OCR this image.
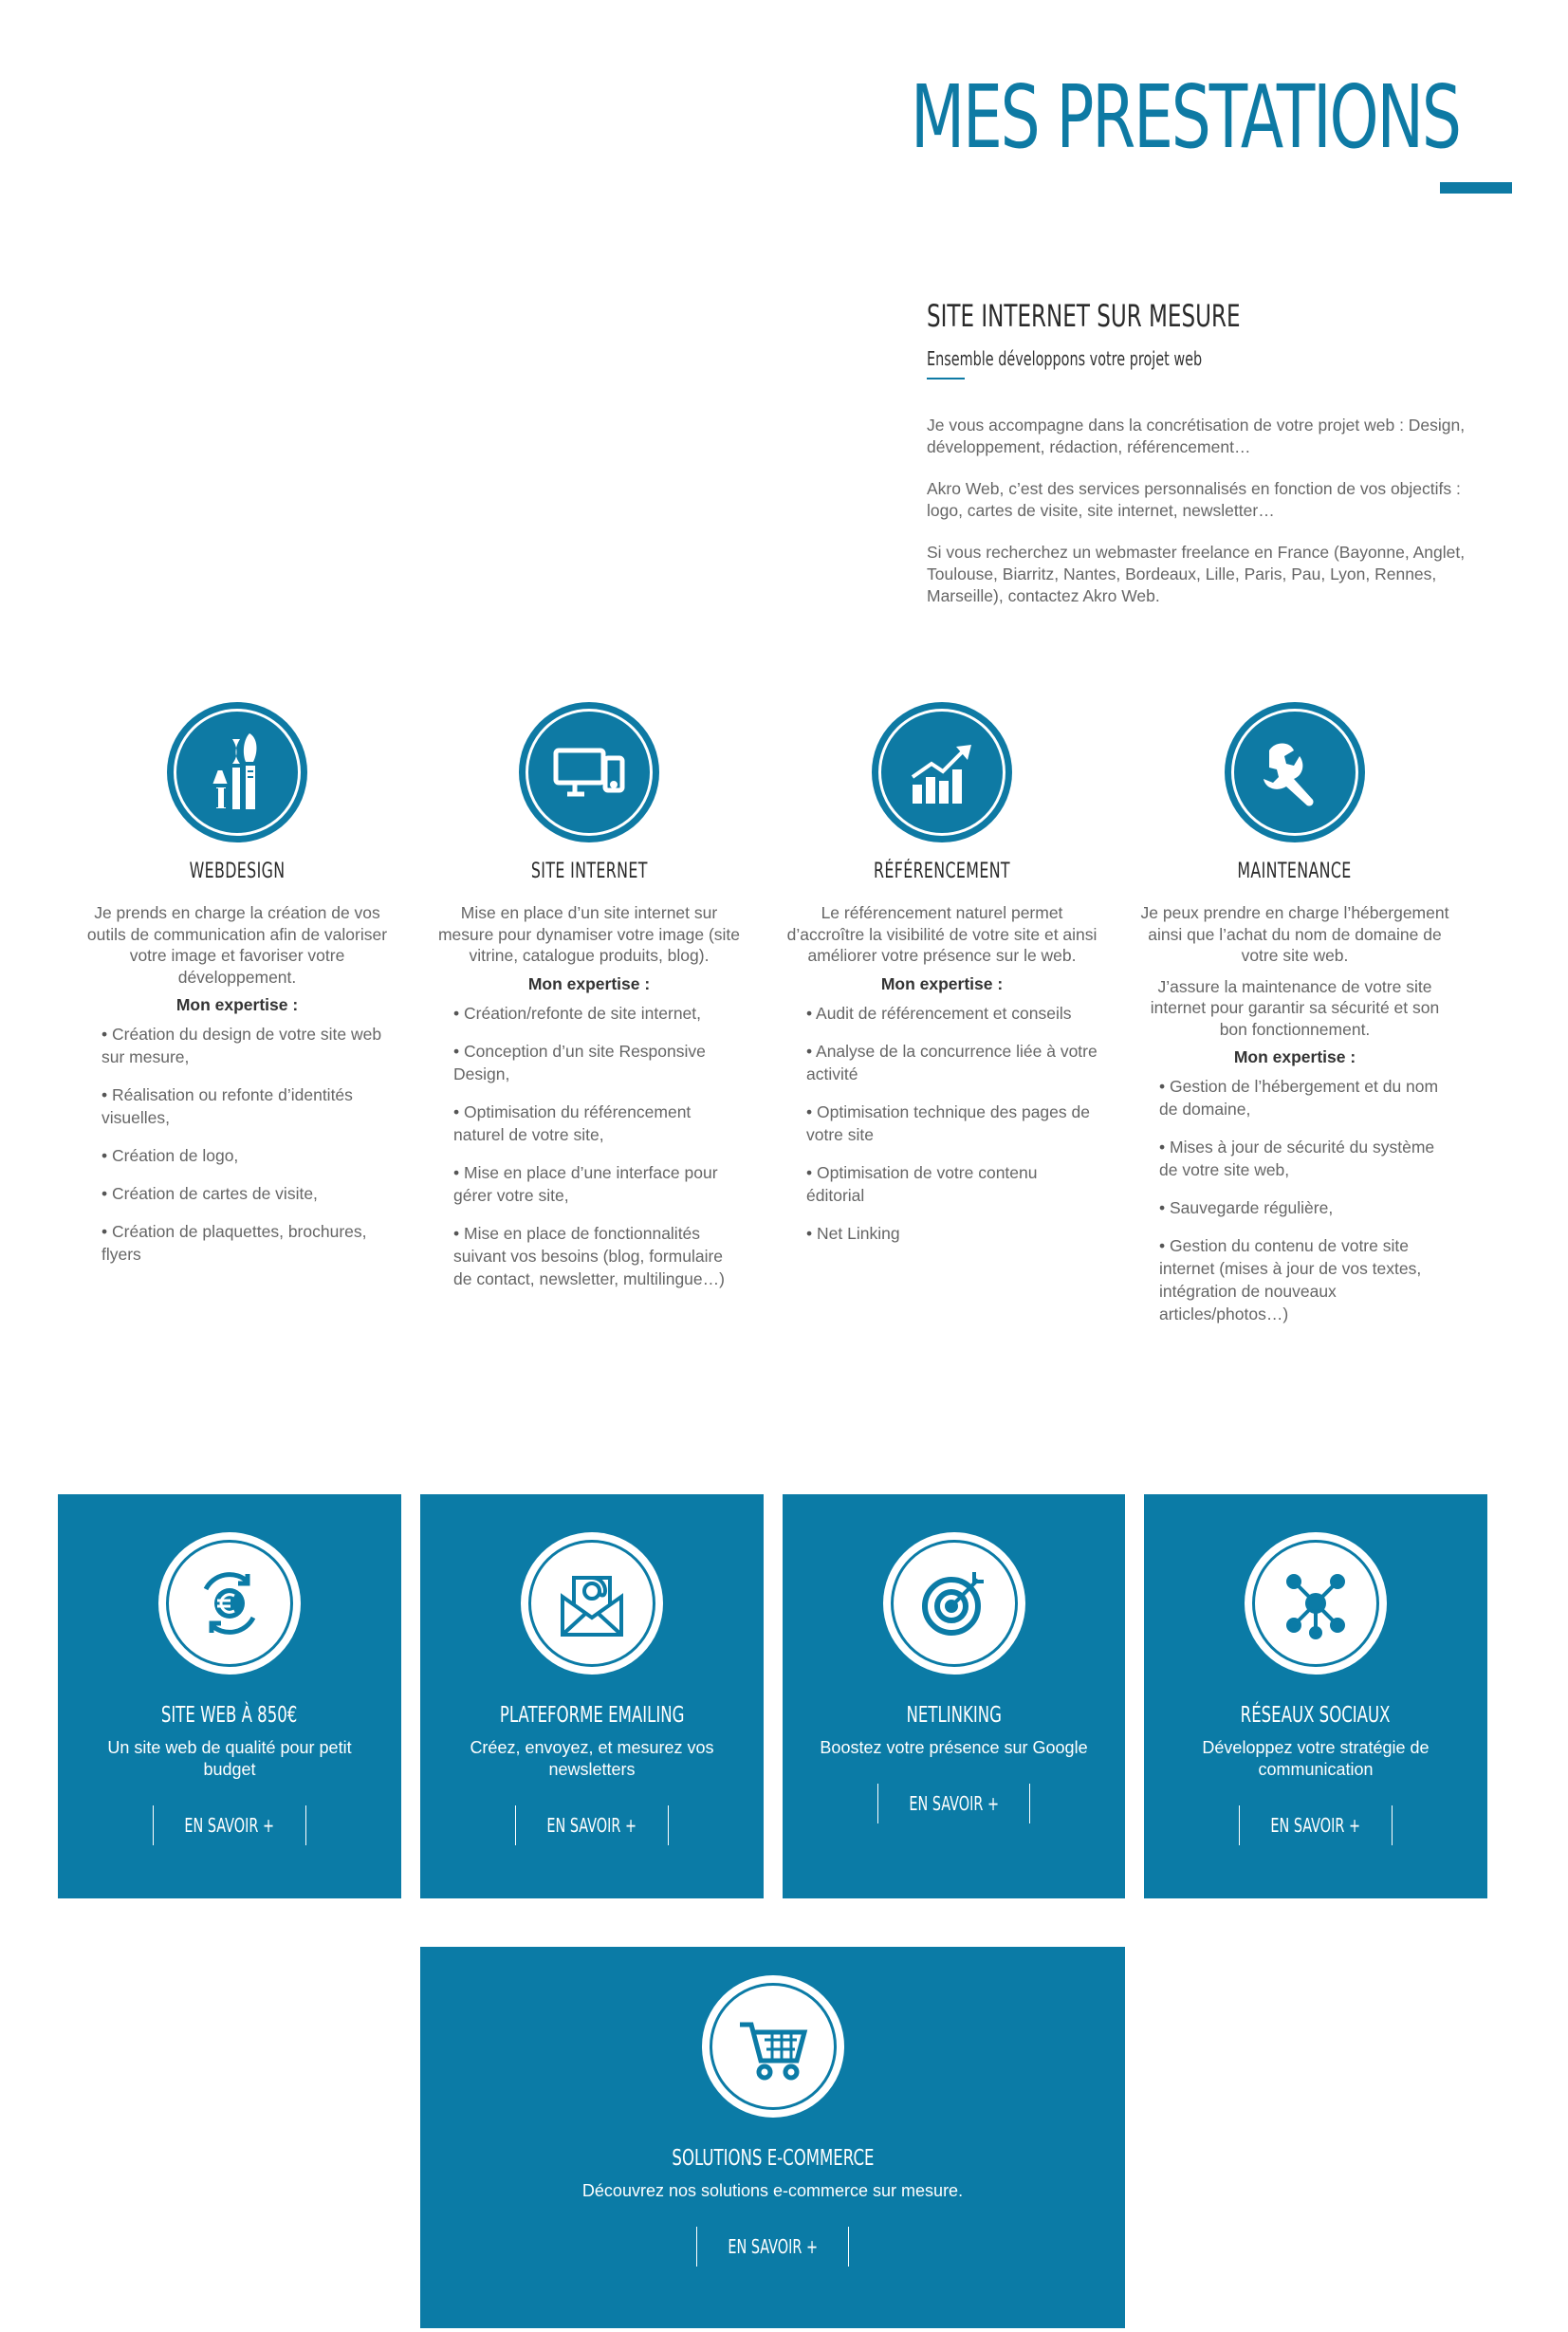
MES PRESTATIONS
SITE INTERNET SUR MESURE
Ensemble développons votre projet web

Je vous accompagne dans la concrétisation de votre projet web : Design, développement, rédaction, référencement…

Akro Web, c’est des services personnalisés en fonction de vos objectifs : logo, cartes de visite, site internet, newsletter…

Si vous recherchez un webmaster freelance en France (Bayonne, Anglet, Toulouse, Biarritz, Nantes, Bordeaux, Lille, Paris, Pau, Lyon, Rennes, Marseille), contactez Akro Web.

WEBDESIGN

Je prends en charge la création de vos outils de communication afin de valoriser votre image et favoriser votre développement.

Mon expertise :
• Création du design de votre site web sur mesure,
• Réalisation ou refonte d’identités visuelles,
• Création de logo,
• Création de cartes de visite,
• Création de plaquettes, brochures, flyers
SITE INTERNET

Mise en place d’un site internet sur mesure pour dynamiser votre image (site vitrine, catalogue produits, blog).

Mon expertise :
• Création/refonte de site internet,
• Conception d’un site Responsive Design,
• Optimisation du référencement naturel de votre site,
• Mise en place d’une interface pour gérer votre site,
• Mise en place de fonctionnalités suivant vos besoins (blog, formulaire de contact, newsletter, multilingue…)
RÉFÉRENCEMENT

Le référencement naturel permet d’accroître la visibilité de votre site et ainsi améliorer votre présence sur le web.

Mon expertise :
• Audit de référencement et conseils
• Analyse de la concurrence liée à votre activité
• Optimisation technique des pages de votre site
• Optimisation de votre contenu éditorial
• Net Linking
MAINTENANCE

Je peux prendre en charge l’hébergement ainsi que l’achat du nom de domaine de votre site web.

J’assure la maintenance de votre site internet pour garantir sa sécurité et son bon fonctionnement.

Mon expertise :
• Gestion de l’hébergement et du nom de domaine,
• Mises à jour de sécurité du système de votre site web,
• Sauvegarde régulière,
• Gestion du contenu de votre site internet (mises à jour de vos textes, intégration de nouveaux articles/photos…)
SITE WEB À 850€

Un site web de qualité pour petit budget

EN SAVOIR +
PLATEFORME EMAILING

Créez, envoyez, et mesurez vos newsletters

EN SAVOIR +
NETLINKING

Boostez votre présence sur Google

EN SAVOIR +
RÉSEAUX SOCIAUX

Développez votre stratégie de communication

EN SAVOIR +
SOLUTIONS E-COMMERCE

Découvrez nos solutions e-commerce sur mesure.

EN SAVOIR +
